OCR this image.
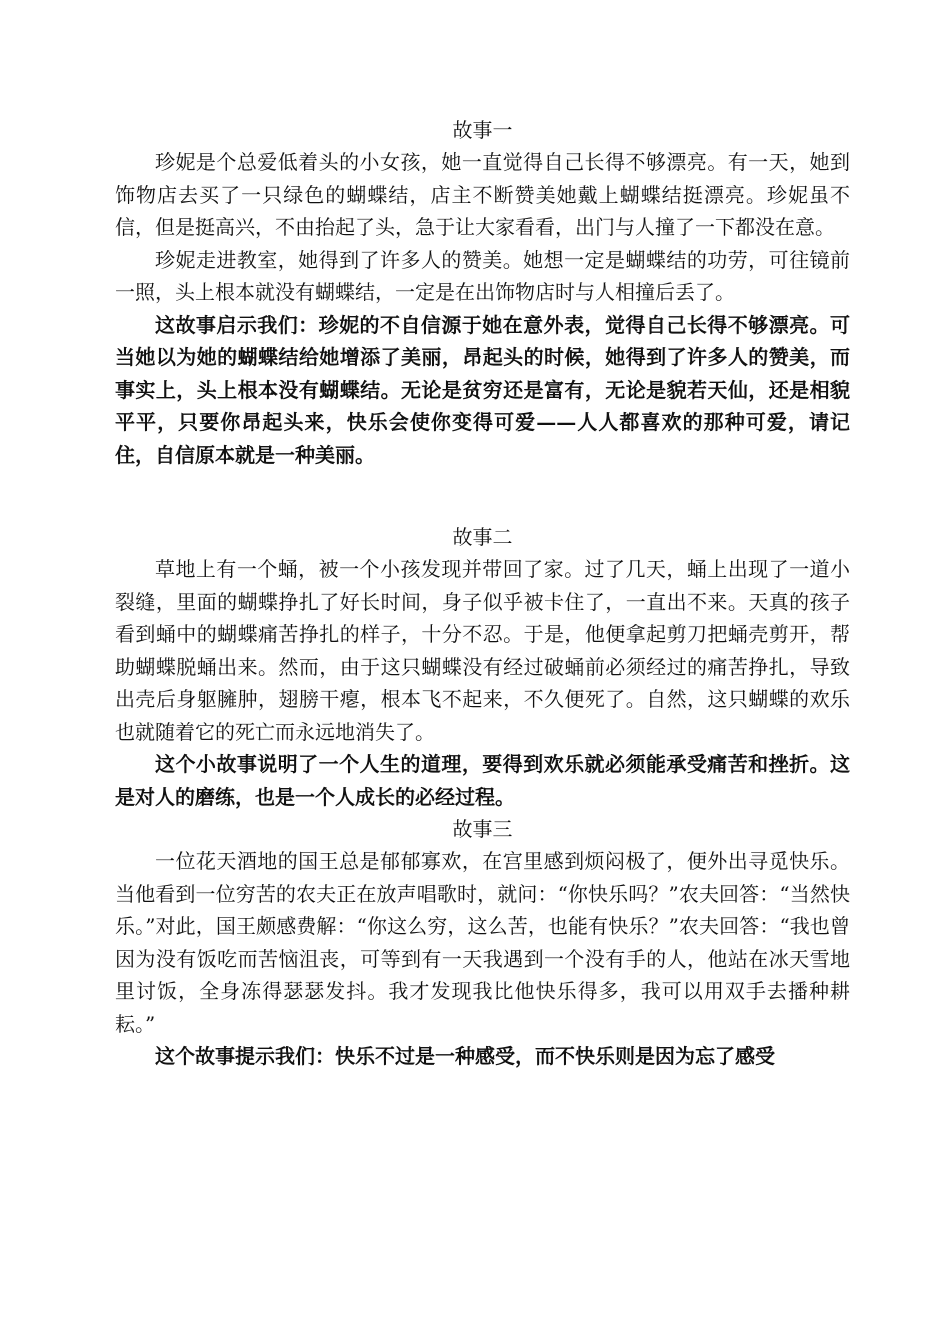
故事一

珍妮是个总爱低着头的小女孩，她一直觉得自己长得不够漂亮。有一天，她到饰物店去买了一只绿色的蝴蝶结，店主不断赞美她戴上蝴蝶结挺漂亮。珍妮虽不信，但是挺高兴，不由抬起了头，急于让大家看看，出门与人撞了一下都没在意。

珍妮走进教室，她得到了许多人的赞美。她想一定是蝴蝶结的功劳，可往镜前一照，头上根本就没有蝴蝶结，一定是在出饰物店时与人相撞后丢了。

这故事启示我们：珍妮的不自信源于她在意外表，觉得自己长得不够漂亮。可当她以为她的蝴蝶结给她增添了美丽，昂起头的时候，她得到了许多人的赞美，而事实上，头上根本没有蝴蝶结。无论是贫穷还是富有，无论是貌若天仙，还是相貌平平，只要你昂起头来，快乐会使你变得可爱——人人都喜欢的那种可爱，请记住，自信原本就是一种美丽。

故事二

草地上有一个蛹，被一个小孩发现并带回了家。过了几天，蛹上出现了一道小裂缝，里面的蝴蝶挣扎了好长时间，身子似乎被卡住了，一直出不来。天真的孩子看到蛹中的蝴蝶痛苦挣扎的样子，十分不忍。于是，他便拿起剪刀把蛹壳剪开，帮助蝴蝶脱蛹出来。然而，由于这只蝴蝶没有经过破蛹前必须经过的痛苦挣扎，导致出壳后身躯臃肿，翅膀干瘪，根本飞不起来，不久便死了。自然，这只蝴蝶的欢乐也就随着它的死亡而永远地消失了。

这个小故事说明了一个人生的道理，要得到欢乐就必须能承受痛苦和挫折。这是对人的磨练，也是一个人成长的必经过程。

故事三

一位花天酒地的国王总是郁郁寡欢，在宫里感到烦闷极了，便外出寻觅快乐。当他看到一位穷苦的农夫正在放声唱歌时，就问：“你快乐吗？”农夫回答：“当然快乐。”对此，国王颇感费解：“你这么穷，这么苦，也能有快乐？”农夫回答：“我也曾因为没有饭吃而苦恼沮丧，可等到有一天我遇到一个没有手的人，他站在冰天雪地里讨饭，全身冻得瑟瑟发抖。我才发现我比他快乐得多，我可以用双手去播种耕耘。”

这个故事提示我们：快乐不过是一种感受，而不快乐则是因为忘了感受
